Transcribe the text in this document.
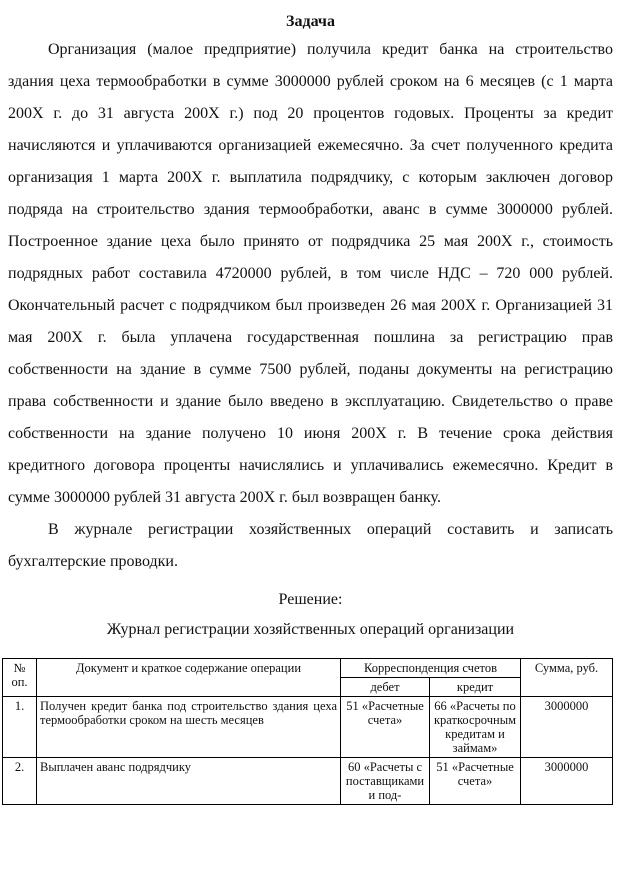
Задача

Организация (малое предприятие) получила кредит банка на строительство здания цеха термообработки в сумме 3000000 рублей сроком на 6 месяцев (с 1 марта 200Х г. до 31 августа 200Х г.) под 20 процентов годовых. Проценты за кредит начисляются и уплачиваются организацией ежемесячно. За счет полученного кредита организация 1 марта 200Х г. выплатила подрядчику, с которым заключен договор подряда на строительство здания термообработки, аванс в сумме 3000000 рублей. Построенное здание цеха было принято от подрядчика 25 мая 200Х г., стоимость подрядных работ составила 4720000 рублей, в том числе НДС – 720 000 рублей. Окончательный расчет с подрядчиком был произведен 26 мая 200Х г. Организацией 31 мая 200Х г. была уплачена государственная пошлина за регистрацию прав собственности на здание в сумме 7500 рублей, поданы документы на регистрацию права собственности и здание было введено в эксплуатацию. Свидетельство о праве собственности на здание получено 10 июня 200Х г. В течение срока действия кредитного договора проценты начислялись и уплачивались ежемесячно. Кредит в сумме 3000000 рублей 31 августа 200Х г. был возвращен банку.

В журнале регистрации хозяйственных операций составить и записать бухгалтерские проводки.

Решение:

Журнал регистрации хозяйственных операций организации

№ оп.	Документ и краткое содержание операции	Корреспонденция счетов		Сумма, руб.
		дебет	кредит	
1.	Получен кредит банка под строительство здания цеха термообработки сроком на шесть месяцев	51 «Расчетные счета»	66 «Расчеты по краткосрочным кредитам и займам»	3000000
2.	Выплачен аванс подрядчику	60 «Расчеты с поставщиками и под-	51 «Расчетные счета»	3000000
